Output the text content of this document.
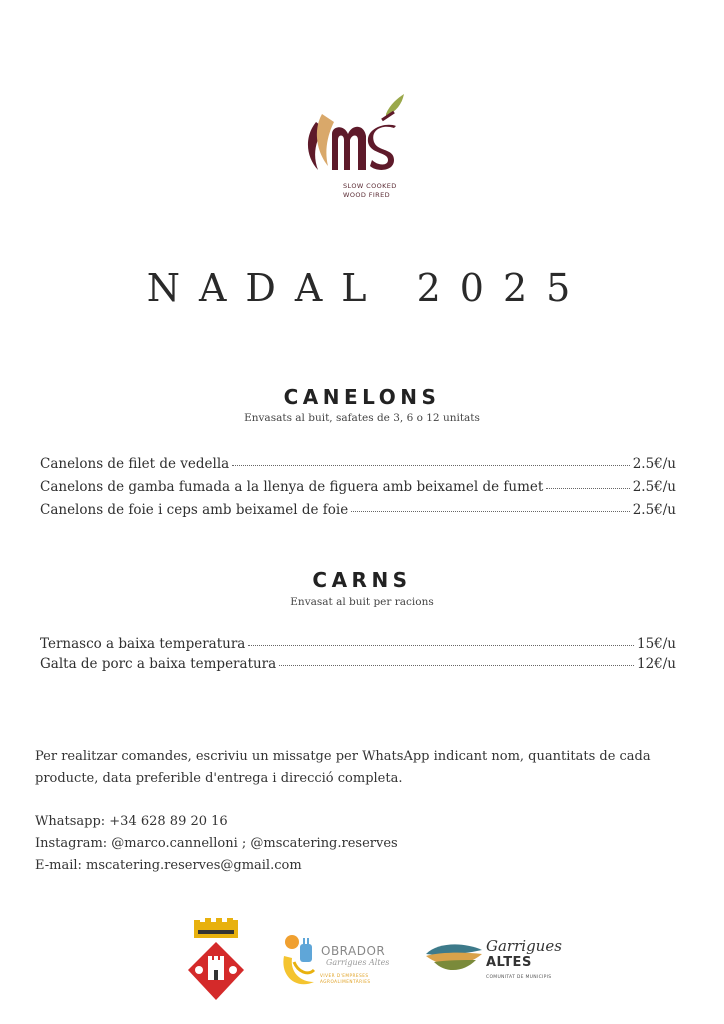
SLOW COOKED
WOOD FIRED
NADAL 2025
CANELONS
Envasats al buit, safates de 3, 6 o 12 unitats
Canelons de filet de vedella	2.5€/u
Canelons de gamba fumada a la llenya de figuera amb beixamel de fumet	2.5€/u
Canelons de foie i ceps amb beixamel de foie	2.5€/u
CARNS
Envasat al buit per racions
Ternasco a baixa temperatura	15€/u
Galta de porc a baixa temperatura	12€/u
Per realitzar comandes, escriviu un missatge per WhatsApp indicant nom, quantitats de cada producte, data preferible d'entrega i direcció completa.
Whatsapp: +34 628 89 20 16
Instagram: @marco.cannelloni ; @mscatering.reserves
E-mail: mscatering.reserves@gmail.com
OBRADOR
Garrigues Altes
VIVER D'EMPRESES AGROALIMENTÀRIES
Garrigues
ALTES
COMUNITAT DE MUNICIPIS
